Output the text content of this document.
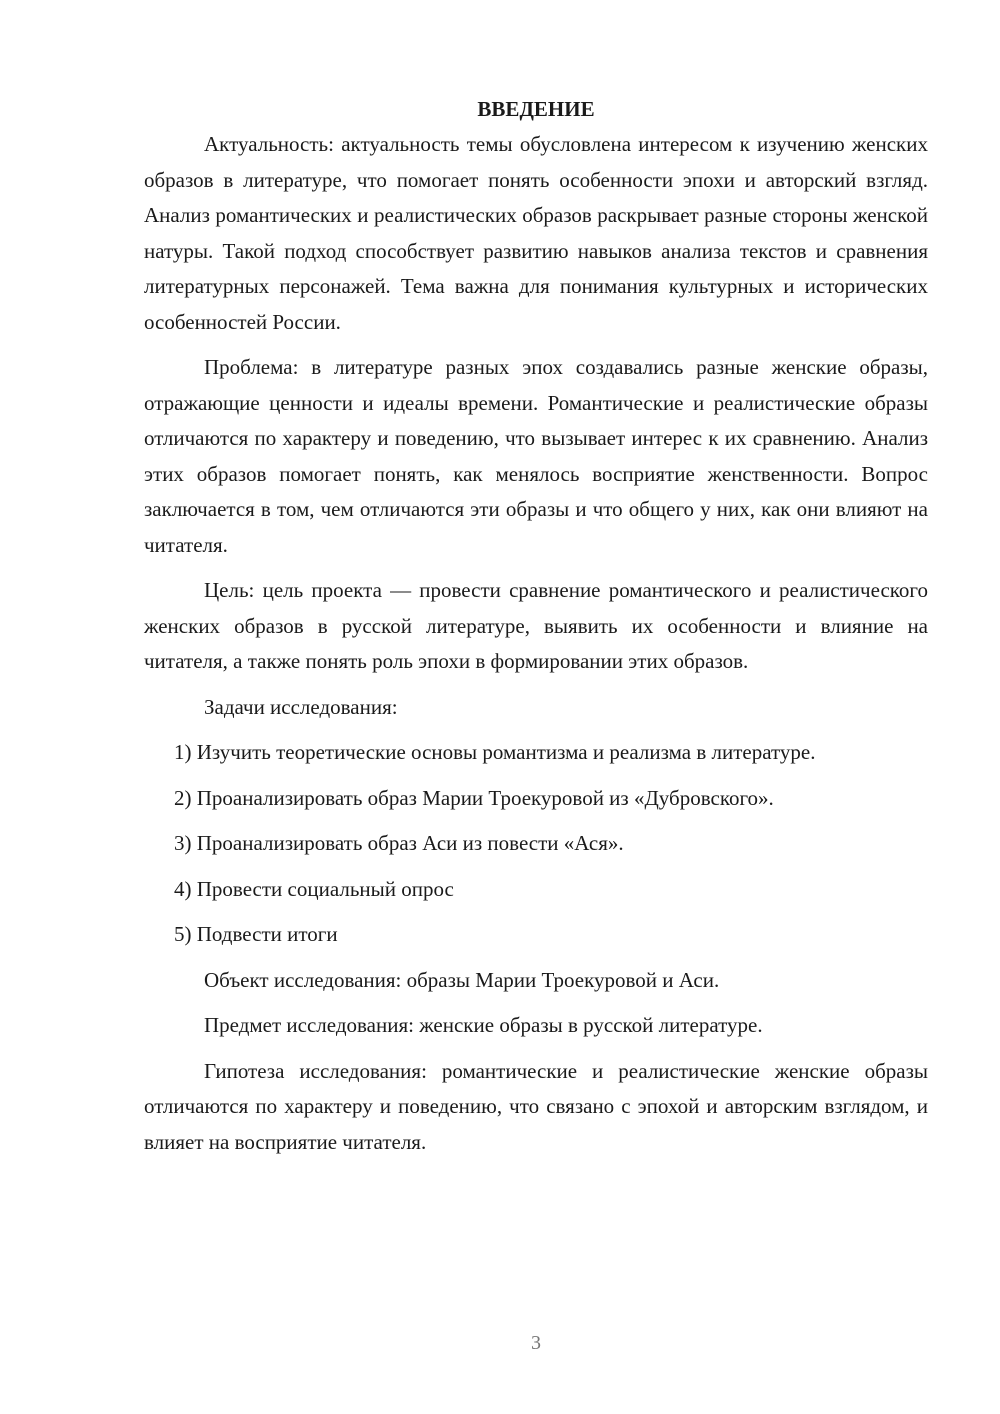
ВВЕДЕНИЕ

Актуальность: актуальность темы обусловлена интересом к изучению женских образов в литературе, что помогает понять особенности эпохи и авторский взгляд. Анализ романтических и реалистических образов раскрывает разные стороны женской натуры. Такой подход способствует развитию навыков анализа текстов и сравнения литературных персонажей. Тема важна для понимания культурных и исторических особенностей России.

Проблема: в литературе разных эпох создавались разные женские образы, отражающие ценности и идеалы времени. Романтические и реалистические образы отличаются по характеру и поведению, что вызывает интерес к их сравнению. Анализ этих образов помогает понять, как менялось восприятие женственности. Вопрос заключается в том, чем отличаются эти образы и что общего у них, как они влияют на читателя.

Цель: цель проекта — провести сравнение романтического и реалистического женских образов в русской литературе, выявить их особенности и влияние на читателя, а также понять роль эпохи в формировании этих образов.

Задачи исследования:

1) Изучить теоретические основы романтизма и реализма в литературе.

2) Проанализировать образ Марии Троекуровой из «Дубровского».

3) Проанализировать образ Аси из повести «Ася».

4) Провести социальный опрос

5) Подвести итоги

Объект исследования: образы Марии Троекуровой и Аси.

Предмет исследования: женские образы в русской литературе.

Гипотеза исследования: романтические и реалистические женские образы отличаются по характеру и поведению, что связано с эпохой и авторским взглядом, и влияет на восприятие читателя.

3
